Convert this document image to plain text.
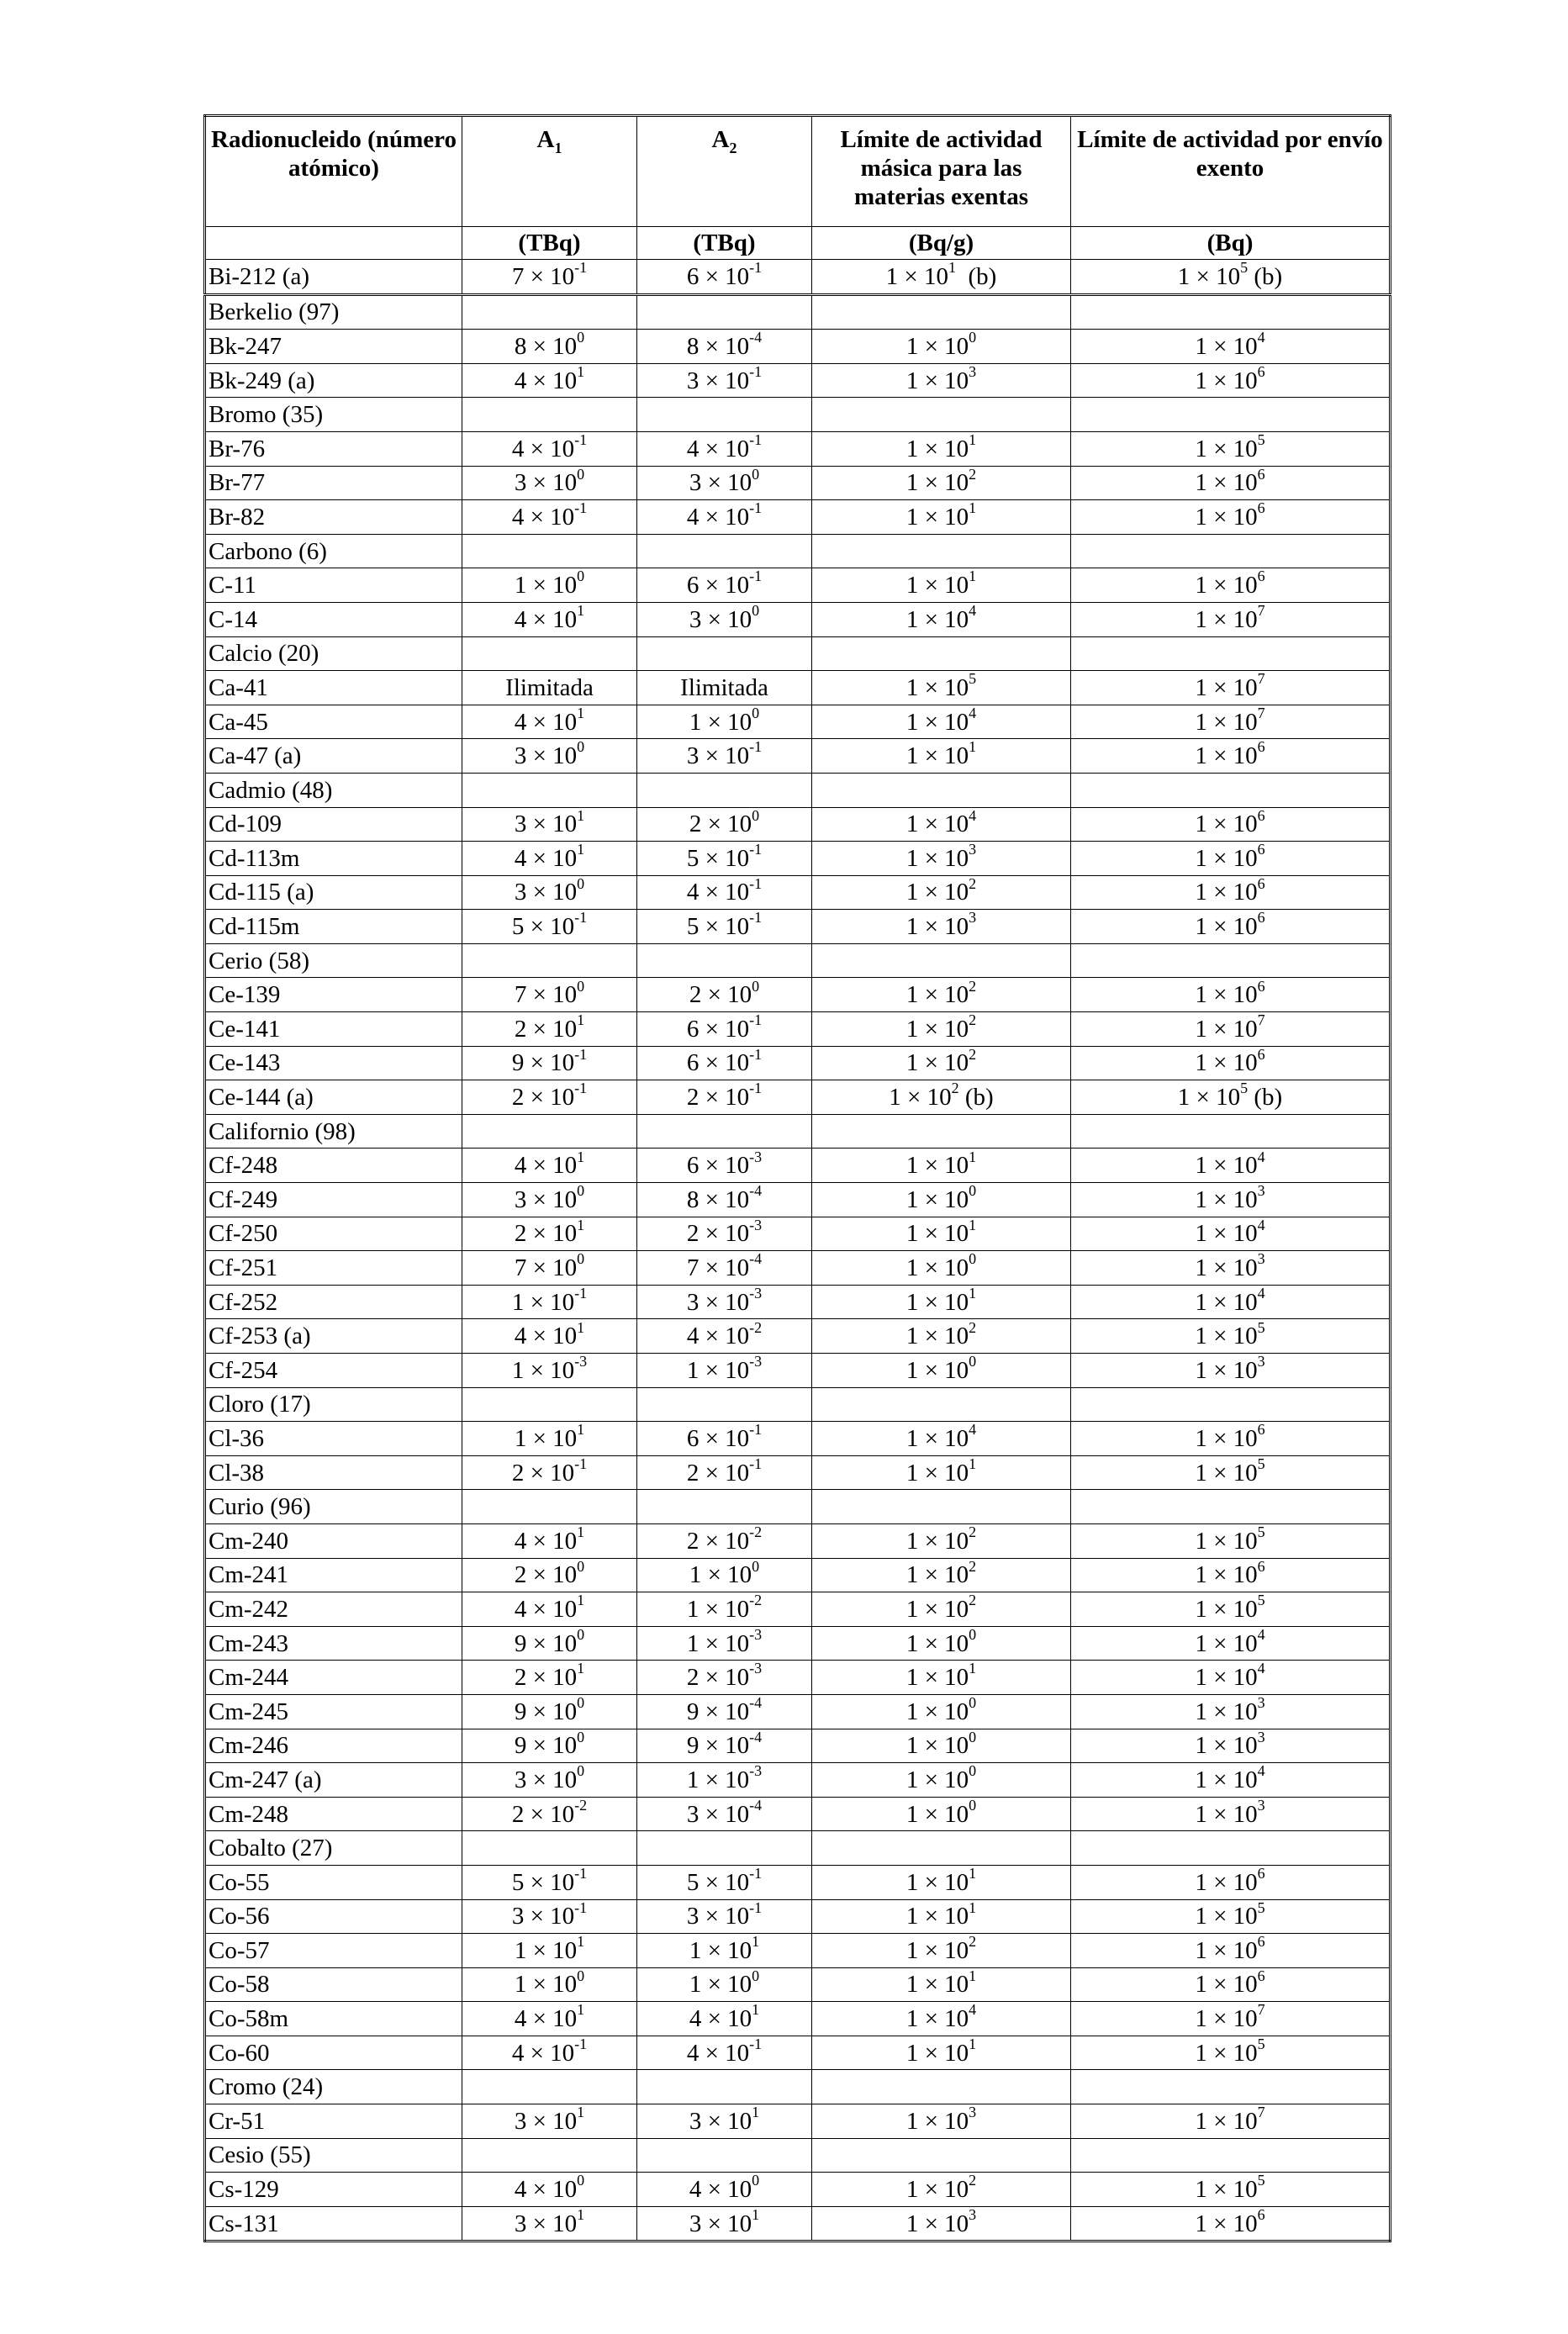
Radionucleido (número atómico)	$A_1$	$A_2$	Límite de actividad másica para las materias exentas	Límite de actividad por envío exento
	(TBq)	(TBq)	(Bq/g)	(Bq)
Bi-212 (a)	$7 \times 10^{-1}$	$6 \times 10^{-1}$	$1 \times 10^1$  (b)	$1 \times 10^5$ (b)
Berkelio (97)				
Bk-247	$8 \times 10^0$	$8 \times 10^{-4}$	$1 \times 10^0$	$1 \times 10^4$
Bk-249 (a)	$4 \times 10^1$	$3 \times 10^{-1}$	$1 \times 10^3$	$1 \times 10^6$
Bromo (35)				
Br-76	$4 \times 10^{-1}$	$4 \times 10^{-1}$	$1 \times 10^1$	$1 \times 10^5$
Br-77	$3 \times 10^0$	$3 \times 10^0$	$1 \times 10^2$	$1 \times 10^6$
Br-82	$4 \times 10^{-1}$	$4 \times 10^{-1}$	$1 \times 10^1$	$1 \times 10^6$
Carbono (6)				
C-11	$1 \times 10^0$	$6 \times 10^{-1}$	$1 \times 10^1$	$1 \times 10^6$
C-14	$4 \times 10^1$	$3 \times 10^0$	$1 \times 10^4$	$1 \times 10^7$
Calcio (20)				
Ca-41	Ilimitada	Ilimitada	$1 \times 10^5$	$1 \times 10^7$
Ca-45	$4 \times 10^1$	$1 \times 10^0$	$1 \times 10^4$	$1 \times 10^7$
Ca-47 (a)	$3 \times 10^0$	$3 \times 10^{-1}$	$1 \times 10^1$	$1 \times 10^6$
Cadmio (48)				
Cd-109	$3 \times 10^1$	$2 \times 10^0$	$1 \times 10^4$	$1 \times 10^6$
Cd-113m	$4 \times 10^1$	$5 \times 10^{-1}$	$1 \times 10^3$	$1 \times 10^6$
Cd-115 (a)	$3 \times 10^0$	$4 \times 10^{-1}$	$1 \times 10^2$	$1 \times 10^6$
Cd-115m	$5 \times 10^{-1}$	$5 \times 10^{-1}$	$1 \times 10^3$	$1 \times 10^6$
Cerio (58)				
Ce-139	$7 \times 10^0$	$2 \times 10^0$	$1 \times 10^2$	$1 \times 10^6$
Ce-141	$2 \times 10^1$	$6 \times 10^{-1}$	$1 \times 10^2$	$1 \times 10^7$
Ce-143	$9 \times 10^{-1}$	$6 \times 10^{-1}$	$1 \times 10^2$	$1 \times 10^6$
Ce-144 (a)	$2 \times 10^{-1}$	$2 \times 10^{-1}$	$1 \times 10^2$ (b)	$1 \times 10^5$ (b)
Californio (98)				
Cf-248	$4 \times 10^1$	$6 \times 10^{-3}$	$1 \times 10^1$	$1 \times 10^4$
Cf-249	$3 \times 10^0$	$8 \times 10^{-4}$	$1 \times 10^0$	$1 \times 10^3$
Cf-250	$2 \times 10^1$	$2 \times 10^{-3}$	$1 \times 10^1$	$1 \times 10^4$
Cf-251	$7 \times 10^0$	$7 \times 10^{-4}$	$1 \times 10^0$	$1 \times 10^3$
Cf-252	$1 \times 10^{-1}$	$3 \times 10^{-3}$	$1 \times 10^1$	$1 \times 10^4$
Cf-253 (a)	$4 \times 10^1$	$4 \times 10^{-2}$	$1 \times 10^2$	$1 \times 10^5$
Cf-254	$1 \times 10^{-3}$	$1 \times 10^{-3}$	$1 \times 10^0$	$1 \times 10^3$
Cloro (17)				
Cl-36	$1 \times 10^1$	$6 \times 10^{-1}$	$1 \times 10^4$	$1 \times 10^6$
Cl-38	$2 \times 10^{-1}$	$2 \times 10^{-1}$	$1 \times 10^1$	$1 \times 10^5$
Curio (96)				
Cm-240	$4 \times 10^1$	$2 \times 10^{-2}$	$1 \times 10^2$	$1 \times 10^5$
Cm-241	$2 \times 10^0$	$1 \times 10^0$	$1 \times 10^2$	$1 \times 10^6$
Cm-242	$4 \times 10^1$	$1 \times 10^{-2}$	$1 \times 10^2$	$1 \times 10^5$
Cm-243	$9 \times 10^0$	$1 \times 10^{-3}$	$1 \times 10^0$	$1 \times 10^4$
Cm-244	$2 \times 10^1$	$2 \times 10^{-3}$	$1 \times 10^1$	$1 \times 10^4$
Cm-245	$9 \times 10^0$	$9 \times 10^{-4}$	$1 \times 10^0$	$1 \times 10^3$
Cm-246	$9 \times 10^0$	$9 \times 10^{-4}$	$1 \times 10^0$	$1 \times 10^3$
Cm-247 (a)	$3 \times 10^0$	$1 \times 10^{-3}$	$1 \times 10^0$	$1 \times 10^4$
Cm-248	$2 \times 10^{-2}$	$3 \times 10^{-4}$	$1 \times 10^0$	$1 \times 10^3$
Cobalto (27)				
Co-55	$5 \times 10^{-1}$	$5 \times 10^{-1}$	$1 \times 10^1$	$1 \times 10^6$
Co-56	$3 \times 10^{-1}$	$3 \times 10^{-1}$	$1 \times 10^1$	$1 \times 10^5$
Co-57	$1 \times 10^1$	$1 \times 10^1$	$1 \times 10^2$	$1 \times 10^6$
Co-58	$1 \times 10^0$	$1 \times 10^0$	$1 \times 10^1$	$1 \times 10^6$
Co-58m	$4 \times 10^1$	$4 \times 10^1$	$1 \times 10^4$	$1 \times 10^7$
Co-60	$4 \times 10^{-1}$	$4 \times 10^{-1}$	$1 \times 10^1$	$1 \times 10^5$
Cromo (24)				
Cr-51	$3 \times 10^1$	$3 \times 10^1$	$1 \times 10^3$	$1 \times 10^7$
Cesio (55)				
Cs-129	$4 \times 10^0$	$4 \times 10^0$	$1 \times 10^2$	$1 \times 10^5$
Cs-131	$3 \times 10^1$	$3 \times 10^1$	$1 \times 10^3$	$1 \times 10^6$
